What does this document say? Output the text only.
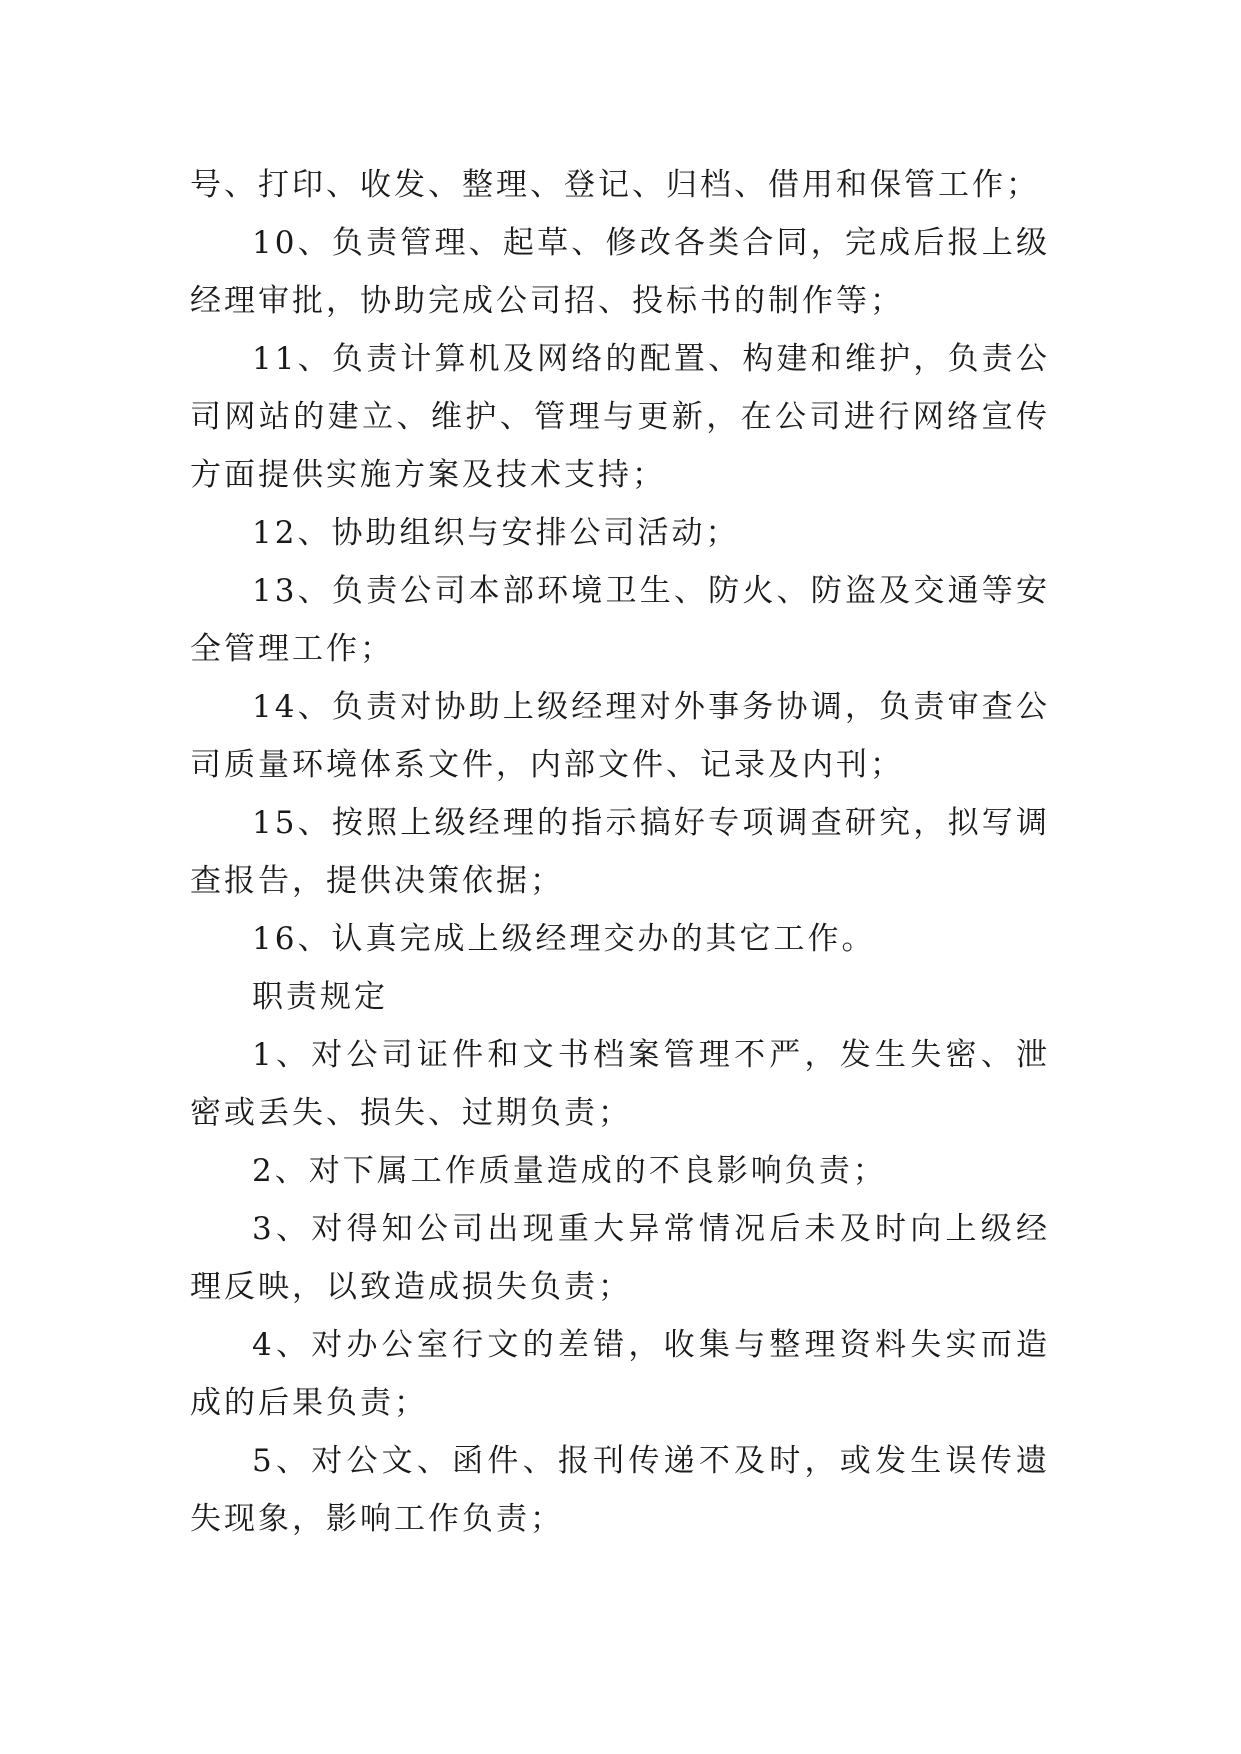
号、打印、收发、整理、登记、归档、借用和保管工作；

10、负责管理、起草、修改各类合同，完成后报上级经理审批，协助完成公司招、投标书的制作等；

11、负责计算机及网络的配置、构建和维护，负责公司网站的建立、维护、管理与更新，在公司进行网络宣传方面提供实施方案及技术支持；

12、协助组织与安排公司活动；

13、负责公司本部环境卫生、防火、防盗及交通等安全管理工作；

14、负责对协助上级经理对外事务协调，负责审查公司质量环境体系文件，内部文件、记录及内刊；

15、按照上级经理的指示搞好专项调查研究，拟写调查报告，提供决策依据；

16、认真完成上级经理交办的其它工作。

职责规定

1、对公司证件和文书档案管理不严，发生失密、泄密或丢失、损失、过期负责；

2、对下属工作质量造成的不良影响负责；

3、对得知公司出现重大异常情况后未及时向上级经理反映，以致造成损失负责；

4、对办公室行文的差错，收集与整理资料失实而造成的后果负责；

5、对公文、函件、报刊传递不及时，或发生误传遗失现象，影响工作负责；
